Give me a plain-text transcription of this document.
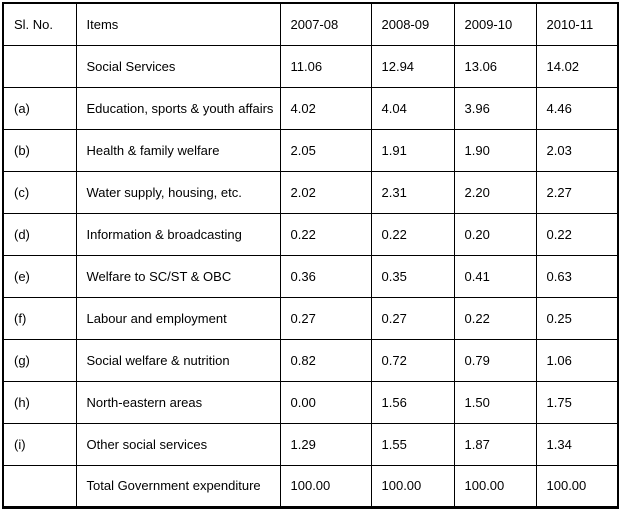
Sl. No.	Items	2007-08	2008-09	2009-10	2010-11
	Social Services	11.06	12.94	13.06	14.02
(a)	Education, sports & youth affairs	4.02	4.04	3.96	4.46
(b)	Health & family welfare	2.05	1.91	1.90	2.03
(c)	Water supply, housing, etc.	2.02	2.31	2.20	2.27
(d)	Information & broadcasting	0.22	0.22	0.20	0.22
(e)	Welfare to SC/ST & OBC	0.36	0.35	0.41	0.63
(f)	Labour and employment	0.27	0.27	0.22	0.25
(g)	Social welfare & nutrition	0.82	0.72	0.79	1.06
(h)	North-eastern areas	0.00	1.56	1.50	1.75
(i)	Other social services	1.29	1.55	1.87	1.34
	Total Government expenditure	100.00	100.00	100.00	100.00
